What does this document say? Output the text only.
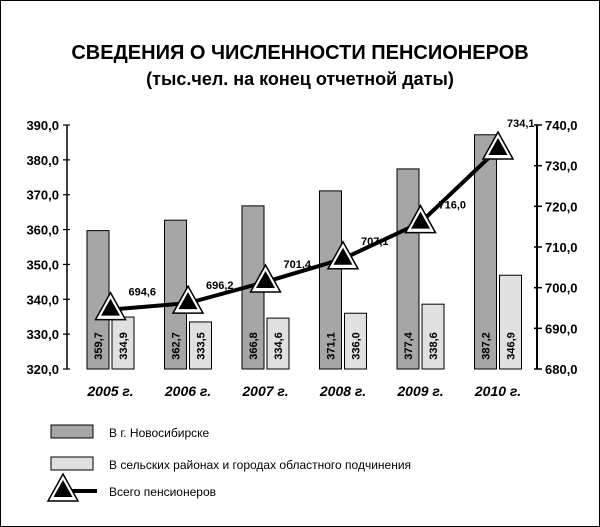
СВЕДЕНИЯ О ЧИСЛЕННОСТИ ПЕНСИОНЕРОВ
(тыс.чел. на конец отчетной даты)
320,0
330,0
340,0
350,0
360,0
370,0
380,0
390,0
680,0
690,0
700,0
710,0
720,0
730,0
740,0
359,7 334,9	362,7 333,5	366,8 334,6	371,1 336,0	377,4 338,6	387,2 346,9
694,6
696,2
701,4
707,1
716,0
734,1
2005 г. 2006 г. 2007 г. 2008 г. 2009 г. 2010 г.
В г. Новосибирске
В сельских районах и городах областного подчинения
Всего пенсионеров
